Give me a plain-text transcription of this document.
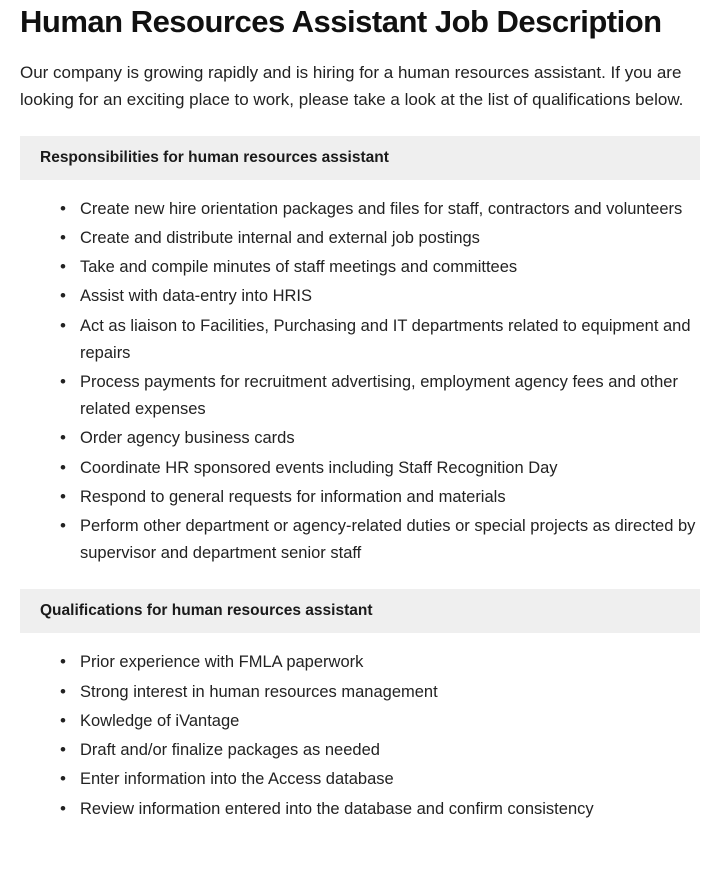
Human Resources Assistant Job Description

Our company is growing rapidly and is hiring for a human resources assistant. If you are looking for an exciting place to work, please take a look at the list of qualifications below.

Responsibilities for human resources assistant
• Create new hire orientation packages and files for staff, contractors and volunteers
• Create and distribute internal and external job postings
• Take and compile minutes of staff meetings and committees
• Assist with data-entry into HRIS
• Act as liaison to Facilities, Purchasing and IT departments related to equipment and repairs
• Process payments for recruitment advertising, employment agency fees and other related expenses
• Order agency business cards
• Coordinate HR sponsored events including Staff Recognition Day
• Respond to general requests for information and materials
• Perform other department or agency-related duties or special projects as directed by supervisor and department senior staff
Qualifications for human resources assistant
• Prior experience with FMLA paperwork
• Strong interest in human resources management
• Kowledge of iVantage
• Draft and/or finalize packages as needed
• Enter information into the Access database
• Review information entered into the database and confirm consistency
